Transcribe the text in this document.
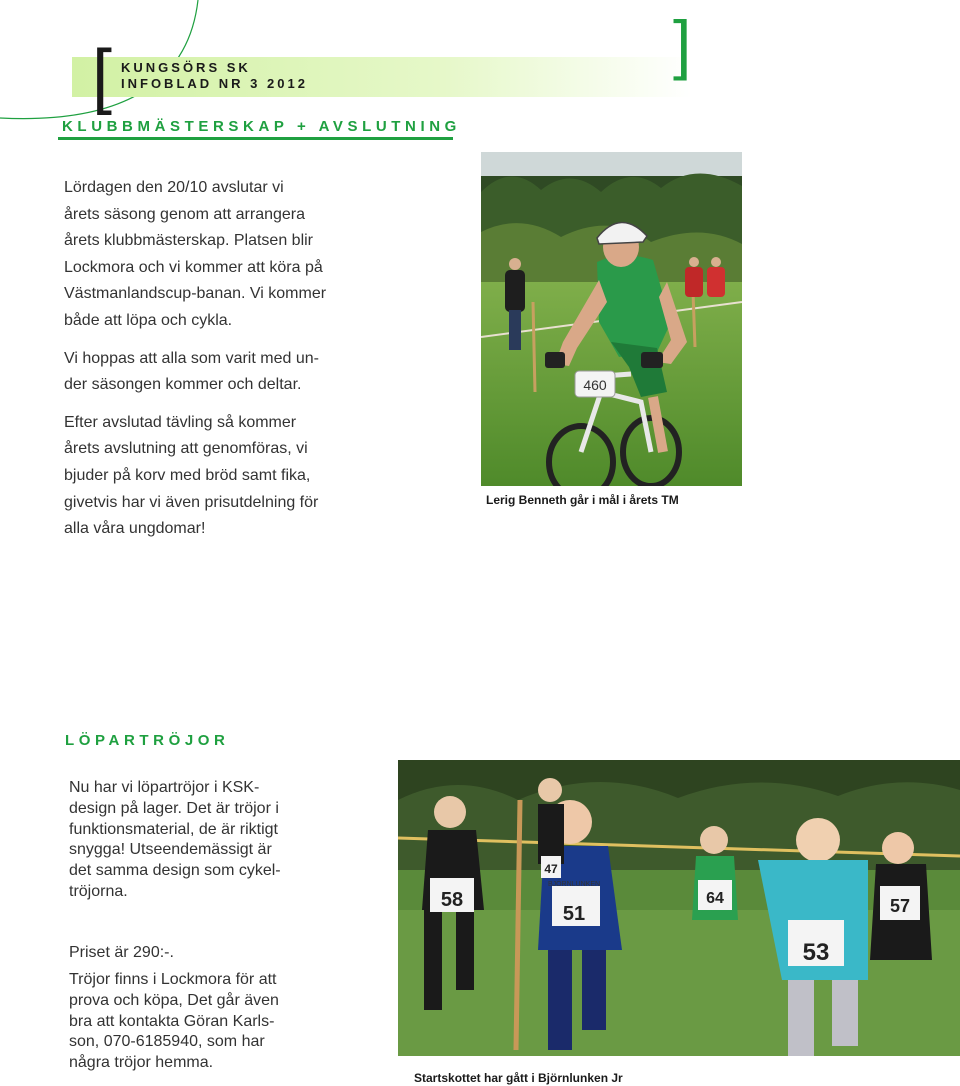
[	]
KUNGSÖRS SK
INFOBLAD NR 3 2012
KLUBBMÄSTERSKAP + AVSLUTNING

Lördagen den 20/10 avslutar vi
årets säsong genom att arrangera
årets klubbmästerskap. Platsen blir
Lockmora och vi kommer att köra på
Västmanlandscup-banan. Vi kommer
både att löpa och cykla.

Vi hoppas att alla som varit med un-
der säsongen kommer och deltar.

Efter avslutad tävling så kommer
årets avslutning att genomföras, vi
bjuder på korv med bröd samt fika,
givetvis har vi även prisutdelning för
alla våra ungdomar!

460
Lerig Benneth går i mål i årets TM
LÖPARTRÖJOR

Nu har vi löpartröjor i KSK-
design på lager. Det är tröjor i
funktionsmaterial, de är riktigt
snygga! Utseendemässigt är
det samma design som cykel-
tröjorna.

Priset är 290:-.

Tröjor finns i Lockmora för att
prova och köpa, Det går även
bra att kontakta Göran Karls-
son, 070-6185940, som har
några tröjor hemma.

58
51
64
53
57
47
BJÖRNLUNKEN
Startskottet har gått i Björnlunken Jr
